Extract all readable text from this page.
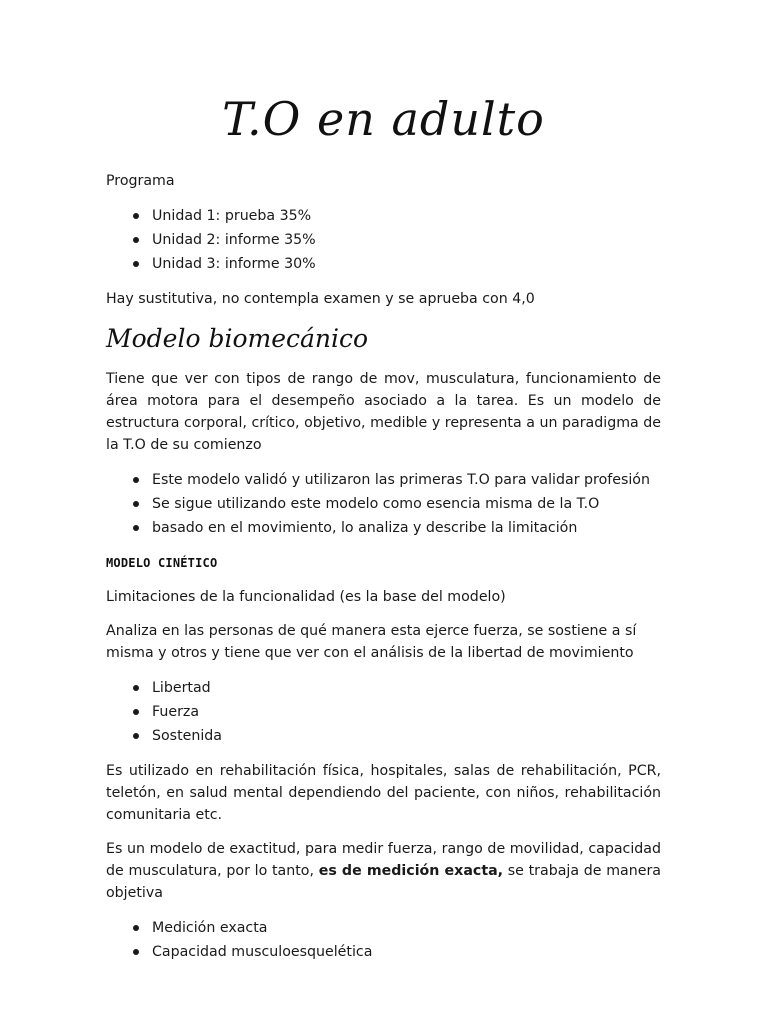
T.O en adulto

Programa

Unidad 1: prueba 35%
Unidad 2: informe 35%
Unidad 3: informe 30%

Hay sustitutiva, no contempla examen y se aprueba con 4,0

Modelo biomecánico

Tiene que ver con tipos de rango de mov, musculatura, funcionamiento de área motora para el desempeño asociado a la tarea. Es un modelo de estructura corporal, crítico, objetivo, medible y representa a un paradigma de la T.O de su comienzo

Este modelo validó y utilizaron las primeras T.O para validar profesión
Se sigue utilizando este modelo como esencia misma de la T.O
basado en el movimiento, lo analiza y describe la limitación
MODELO CINÉTICO

Limitaciones de la funcionalidad (es la base del modelo)

Analiza en las personas de qué manera esta ejerce fuerza, se sostiene a sí misma y otros y tiene que ver con el análisis de la libertad de movimiento

Libertad
Fuerza
Sostenida

Es utilizado en rehabilitación física, hospitales, salas de rehabilitación, PCR, teletón, en salud mental dependiendo del paciente, con niños, rehabilitación comunitaria etc.

Es un modelo de exactitud, para medir fuerza, rango de movilidad, capacidad de musculatura, por lo tanto, es de medición exacta, se trabaja de manera objetiva

Medición exacta
Capacidad musculoesquelética
